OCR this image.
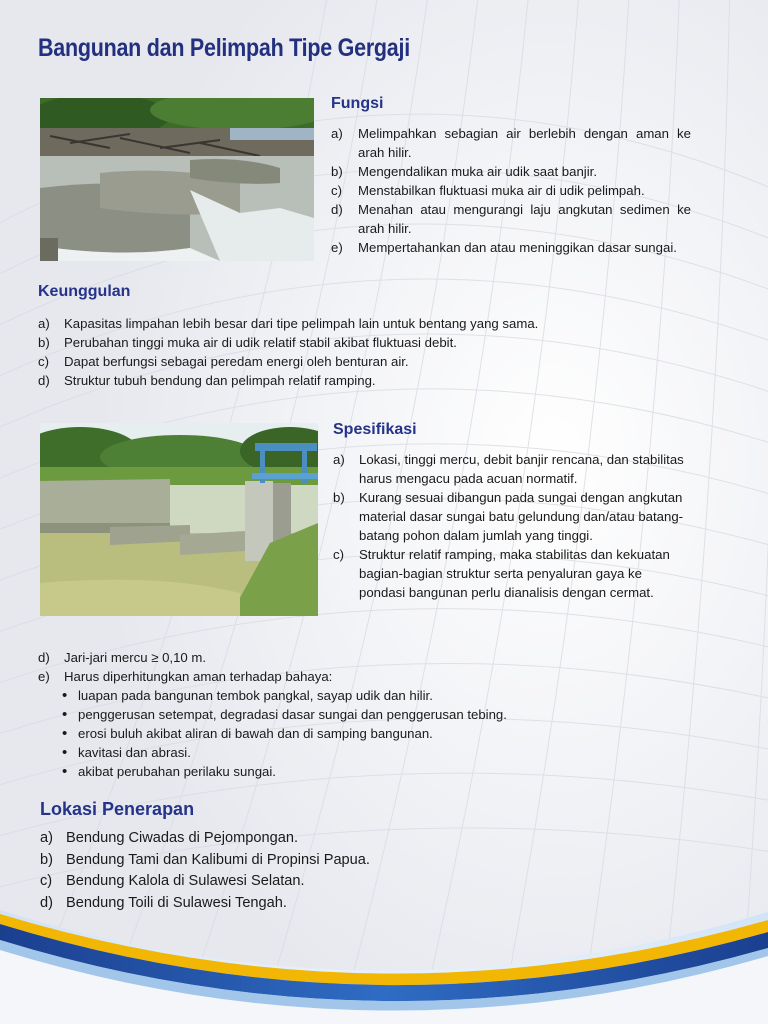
Bangunan dan Pelimpah Tipe Gergaji
Fungsi
a)	Melimpahkan sebagian air berlebih dengan aman ke arah hilir.
b)	Mengendalikan muka air udik saat banjir.
c)	Menstabilkan fluktuasi muka air di udik pelimpah.
d)	Menahan atau mengurangi laju angkutan sedimen ke arah hilir.
e)	Mempertahankan dan atau meninggikan dasar sungai.
Keunggulan
a)	Kapasitas limpahan lebih besar dari tipe pelimpah lain untuk bentang yang sama.
b)	Perubahan tinggi muka air di udik relatif stabil akibat fluktuasi debit.
c)	Dapat berfungsi sebagai peredam energi oleh benturan air.
d)	Struktur tubuh bendung dan pelimpah relatif ramping.
Spesifikasi
a)	Lokasi, tinggi mercu, debit banjir rencana, dan stabilitas harus mengacu pada acuan normatif.
b)	Kurang sesuai dibangun pada sungai dengan angkutan material dasar sungai batu gelundung dan/atau batang-batang pohon dalam jumlah yang tinggi.
c)	Struktur relatif ramping, maka stabilitas dan kekuatan bagian-bagian struktur serta penyaluran gaya ke pondasi bangunan perlu dianalisis dengan cermat.
d)	Jari-jari mercu ≥ 0,10 m.
e)	Harus diperhitungkan aman terhadap bahaya:
• luapan pada bangunan tembok pangkal, sayap udik dan hilir.
• penggerusan setempat, degradasi dasar sungai dan penggerusan tebing.
• erosi buluh akibat aliran di bawah dan di samping bangunan.
• kavitasi dan abrasi.
• akibat perubahan perilaku sungai.
Lokasi Penerapan
a) Bendung Ciwadas di Pejompongan.
b) Bendung Tami dan Kalibumi di Propinsi Papua.
c) Bendung Kalola di Sulawesi Selatan.
d) Bendung Toili di Sulawesi Tengah.
